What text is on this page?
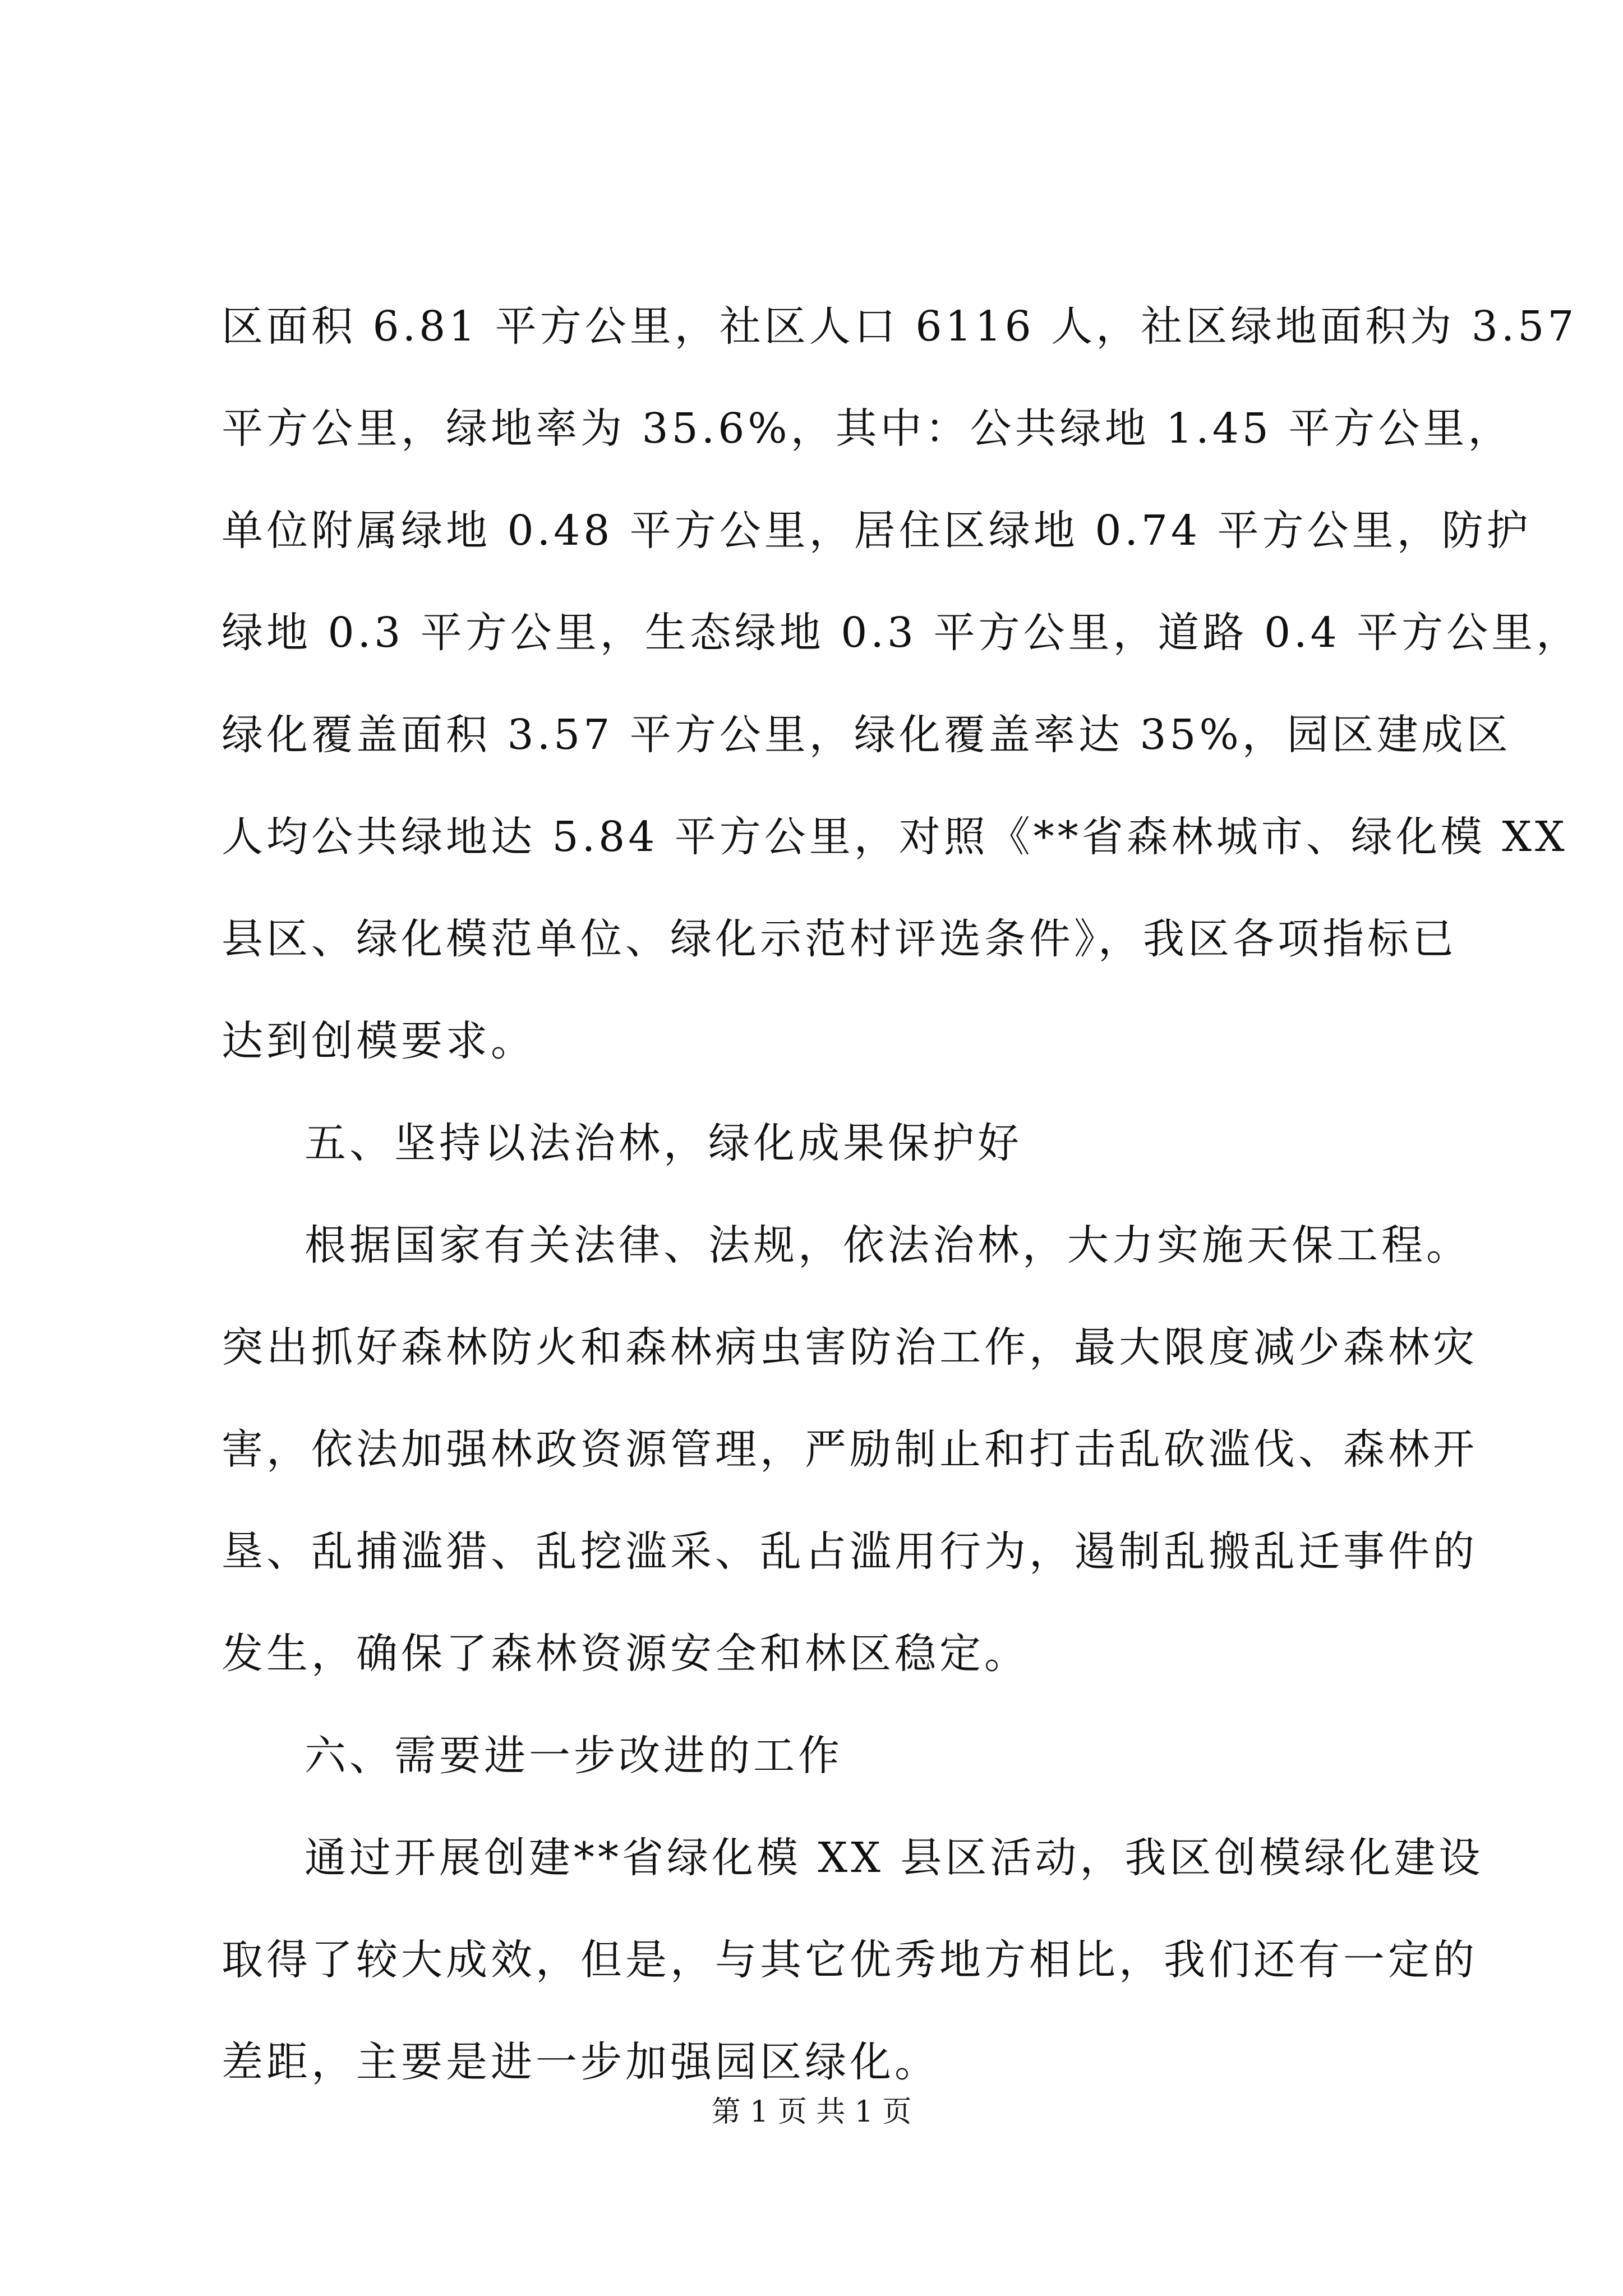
区面积 6.81 平方公里，社区人口 6116 人，社区绿地面积为 3.57
平方公里，绿地率为 35.6%，其中：公共绿地 1.45 平方公里，
单位附属绿地 0.48 平方公里，居住区绿地 0.74 平方公里，防护
绿地 0.3 平方公里，生态绿地 0.3 平方公里，道路 0.4 平方公里，
绿化覆盖面积 3.57 平方公里，绿化覆盖率达 35%，园区建成区
人均公共绿地达 5.84 平方公里，对照《**省森林城市、绿化模 XX
县区、绿化模范单位、绿化示范村评选条件》，我区各项指标已
达到创模要求。
五、坚持以法治林，绿化成果保护好
根据国家有关法律、法规，依法治林，大力实施天保工程。
突出抓好森林防火和森林病虫害防治工作，最大限度减少森林灾
害，依法加强林政资源管理，严励制止和打击乱砍滥伐、森林开
垦、乱捕滥猎、乱挖滥采、乱占滥用行为，遏制乱搬乱迁事件的
发生，确保了森林资源安全和林区稳定。
六、需要进一步改进的工作
通过开展创建**省绿化模 XX 县区活动，我区创模绿化建设
取得了较大成效，但是，与其它优秀地方相比，我们还有一定的
差距，主要是进一步加强园区绿化。
第 1 页 共 1 页
